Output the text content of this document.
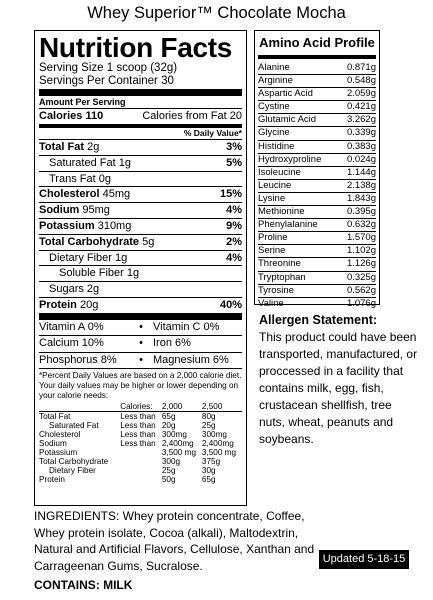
Whey Superior™ Chocolate Mocha
Nutrition Facts
Serving Size 1 scoop (32g)
Servings Per Container 30
Amount Per Serving
Calories 110	Calories from Fat 20
% Daily Value*
Total Fat 2g	3%
Saturated Fat 1g	5%
Trans Fat 0g
Cholesterol 45mg	15%
Sodium 95mg	4%
Potassium 310mg	9%
Total Carbohydrate 5g	2%
Dietary Fiber 1g	4%
Soluble Fiber 1g
Sugars 2g
Protein 20g	40%
Vitamin A 0%	• Vitamin C 0%
Calcium 10%	• Iron 6%
Phosphorus 8%	• Magnesium 6%
*Percent Daily Values are based on a 2,000 calorie diet. Your daily values may be higher or lower depending on your calorie needs:
	Calories:	2,000	2,500
Total Fat	Less than	65g	80g
Saturated Fat	Less than	20g	25g
Cholesterol	Less than	300mg	300mg
Sodium	Less than	2,400mg	2,400mg
Potassium		3,500 mg	3,500 mg
Total Carbohydrate		300g	375g
Dietary Fiber		25g	30g
Protein		50g	65g
Amino Acid Profile
Alanine	0.871g
Arginine	0.548g
Aspartic Acid	2.059g
Cystine	0.421g
Glutamic Acid	3.262g
Glycine	0.339g
Histidine	0.383g
Hydroxyproline	0.024g
Isoleucine	1.144g
Leucine	2.138g
Lysine	1.843g
Methionine	0.395g
Phenylalanine	0.632g
Proline	1.570g
Serine	1.102g
Threonine	1.126g
Tryptophan	0.325g
Tyrosine	0.562g
Valine	1.076g
Allergen Statement:
This product could have been transported, manufactured, or proccessed in a facility that contains milk, egg, fish, crustacean shellfish, tree nuts, wheat, peanuts and soybeans.
INGREDIENTS: Whey protein concentrate, Coffee, Whey protein isolate, Cocoa (alkali), Maltodextrin, Natural and Artificial Flavors, Cellulose, Xanthan and Carrageenan Gums, Sucralose.
CONTAINS: MILK
Updated 5-18-15
